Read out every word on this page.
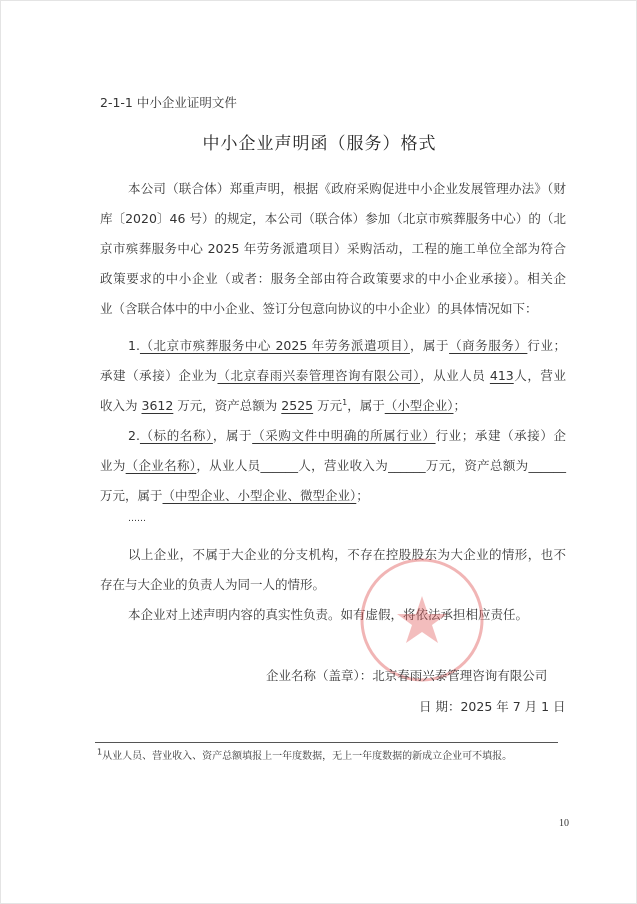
2-1-1 中小企业证明文件
中小企业声明函（服务）格式
本公司（联合体）郑重声明，根据《政府采购促进中小企业发展管理办法》（财
库〔2020〕46 号）的规定，本公司（联合体）参加（北京市殡葬服务中心）的（北
京市殡葬服务中心 2025 年劳务派遣项目）采购活动，工程的施工单位全部为符合
政策要求的中小企业（或者：服务全部由符合政策要求的中小企业承接）。相关企
业（含联合体中的中小企业、签订分包意向协议的中小企业）的具体情况如下：
1.（北京市殡葬服务中心 2025 年劳务派遣项目），属于（商务服务）行业；
承建（承接）企业为（北京春雨兴泰管理咨询有限公司），从业人员 413人，营业
收入为 3612 万元，资产总额为 2525 万元$^1$，属于（小型企业）；
2.（标的名称），属于（采购文件中明确的所属行业）行业；承建（承接）企
业为（企业名称），从业人员______人，营业收入为______万元，资产总额为______
万元，属于（中型企业、小型企业、微型企业）；
……
以上企业，不属于大企业的分支机构，不存在控股股东为大企业的情形，也不
存在与大企业的负责人为同一人的情形。
本企业对上述声明内容的真实性负责。如有虚假，将依法承担相应责任。
企业名称（盖章）：北京春雨兴泰管理咨询有限公司
日 期：2025 年 7 月 1 日
$^1$从业人员、营业收入、资产总额填报上一年度数据，无上一年度数据的新成立企业可不填报。
10
